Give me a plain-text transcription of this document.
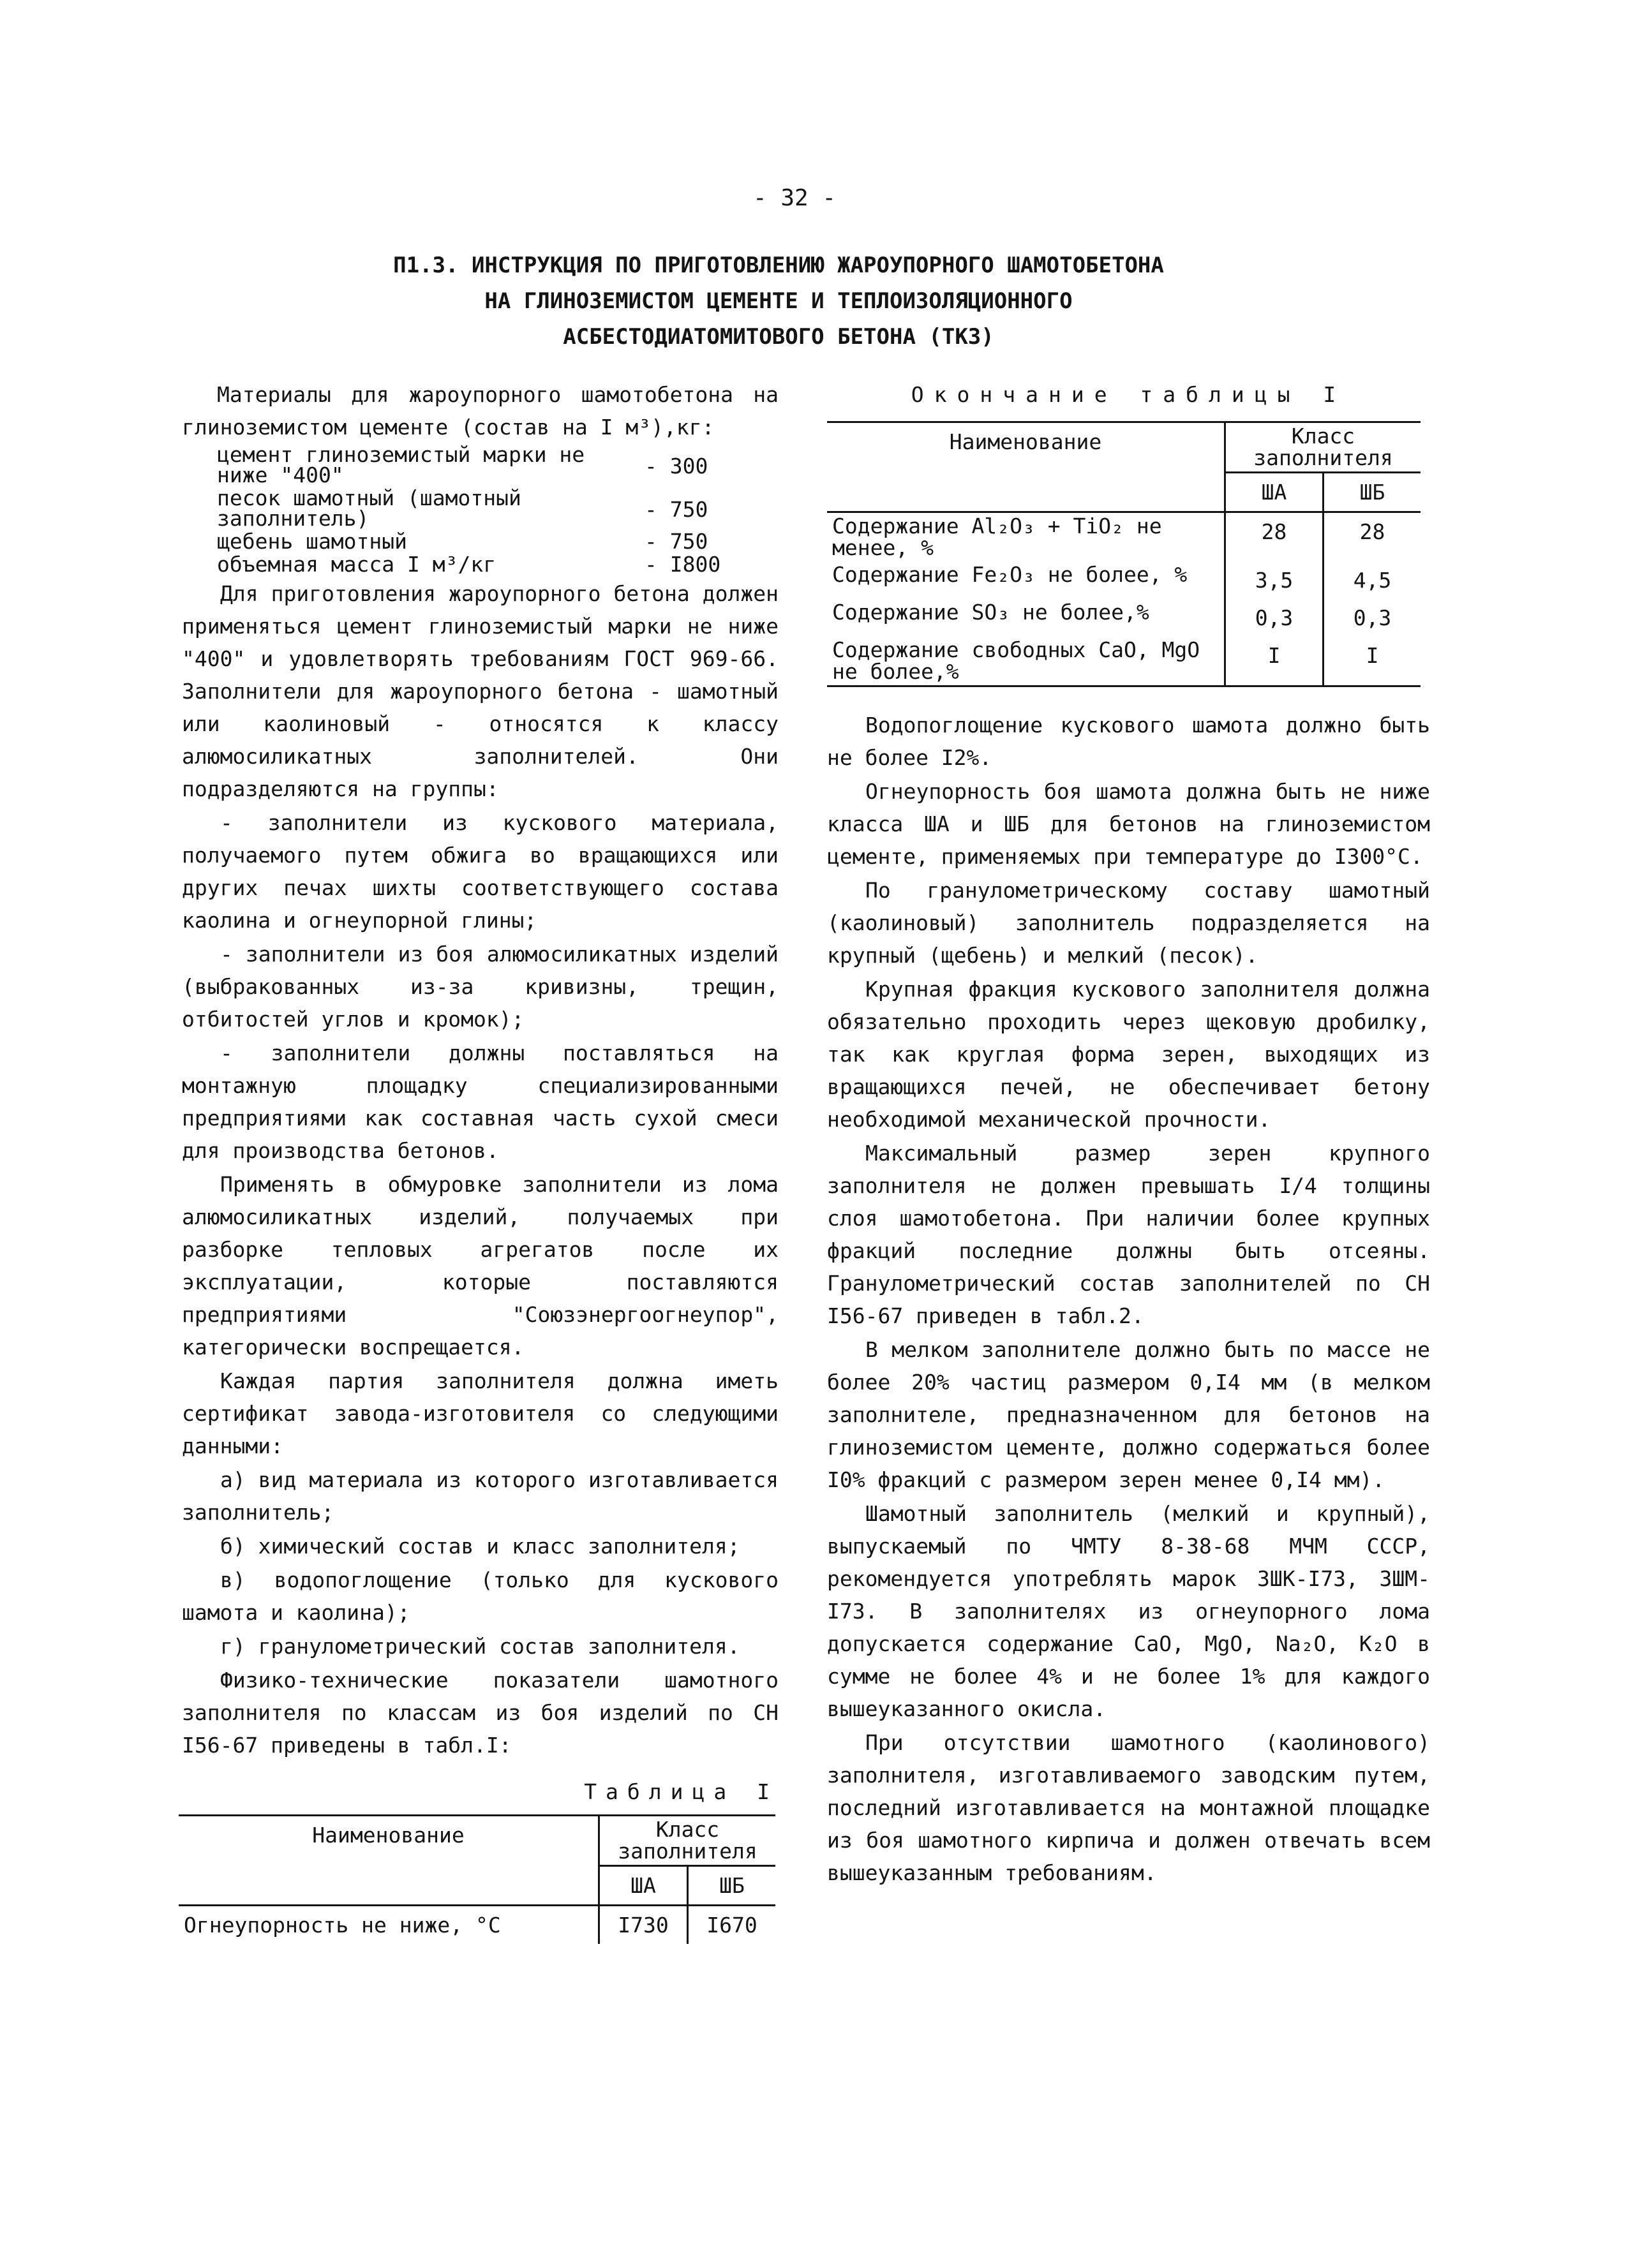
- 32 -
П1.3. ИНСТРУКЦИЯ ПО ПРИГОТОВЛЕНИЮ ЖАРОУПОРНОГО ШАМОТОБЕТОНА
НА ГЛИНОЗЕМИСТОМ ЦЕМЕНТЕ И ТЕПЛОИЗОЛЯЦИОННОГО
АСБЕСТОДИАТОМИТОВОГО БЕТОНА (ТКЗ)

Материалы для жароупорного шамотобетона на глиноземистом цементе (состав на I м³),кг:

цемент глиноземистый марки не ниже "400"	- 300
песок шамотный (шамотный заполнитель)	- 750
щебень шамотный	- 750
объемная масса I м³/кг	- I800

Для приготовления жароупорного бетона должен применяться цемент глиноземистый марки не ниже "400" и удовлетворять требованиям ГОСТ 969-66. Заполнители для жароупорного бетона - шамотный или каолиновый - относятся к классу алюмосиликатных заполнителей. Они подразделяются на группы:

- заполнители из кускового материала, получаемого путем обжига во вращающихся или других печах шихты соответствующего состава каолина и огнеупорной глины;

- заполнители из боя алюмосиликатных изделий (выбракованных из-за кривизны, трещин, отбитостей углов и кромок);

- заполнители должны поставляться на монтажную площадку специализированными предприятиями как составная часть сухой смеси для производства бетонов.

Применять в обмуровке заполнители из лома алюмосиликатных изделий, получаемых при разборке тепловых агрегатов после их эксплуатации, которые поставляются предприятиями "Союзэнергоогнеупор", категорически воспрещается.

Каждая партия заполнителя должна иметь сертификат завода-изготовителя со следующими данными:

а) вид материала из которого изготавливается заполнитель;

б) химический состав и класс заполнителя;

в) водопоглощение (только для кускового шамота и каолина);

г) гранулометрический состав заполнителя.

Физико-технические показатели шамотного заполнителя по классам из боя изделий по СН I56-67 приведены в табл.I:

Таблица I
Наименование	Класс заполнителя	
	ША	ШБ
Огнеупорность не ниже, °С	I730	I670
Окончание таблицы I
Наименование	Класс заполнителя	
	ША	ШБ
Содержание Al₂O₃ + TiO₂ не менее, %	28	28
Содержание Fe₂O₃ не более, %	3,5	4,5
Содержание SO₃ не более,%	0,3	0,3
Содержание свободных CaO, MgO не более,%	I	I

Водопоглощение кускового шамота должно быть не более I2%.

Огнеупорность боя шамота должна быть не ниже класса ША и ШБ для бетонов на глиноземистом цементе, применяемых при температуре до I300°С.

По гранулометрическому составу шамотный (каолиновый) заполнитель подразделяется на крупный (щебень) и мелкий (песок).

Крупная фракция кускового заполнителя должна обязательно проходить через щековую дробилку, так как круглая форма зерен, выходящих из вращающихся печей, не обеспечивает бетону необходимой механической прочности.

Максимальный размер зерен крупного заполнителя не должен превышать I/4 толщины слоя шамотобетона. При наличии более крупных фракций последние должны быть отсеяны. Гранулометрический состав заполнителей по СН I56-67 приведен в табл.2.

В мелком заполнителе должно быть по массе не более 20% частиц размером 0,I4 мм (в мелком заполнителе, предназначенном для бетонов на глиноземистом цементе, должно содержаться более I0% фракций с размером зерен менее 0,I4 мм).

Шамотный заполнитель (мелкий и крупный), выпускаемый по ЧМТУ 8-38-68 МЧМ СССР, рекомендуется употреблять марок ЗШК-I73, ЗШМ-I73. В заполнителях из огнеупорного лома допускается содержание CaO, MgO, Na₂O, K₂O в сумме не более 4% и не более 1% для каждого вышеуказанного окисла.

При отсутствии шамотного (каолинового) заполнителя, изготавливаемого заводским путем, последний изготавливается на монтажной площадке из боя шамотного кирпича и должен отвечать всем вышеуказанным требованиям.
